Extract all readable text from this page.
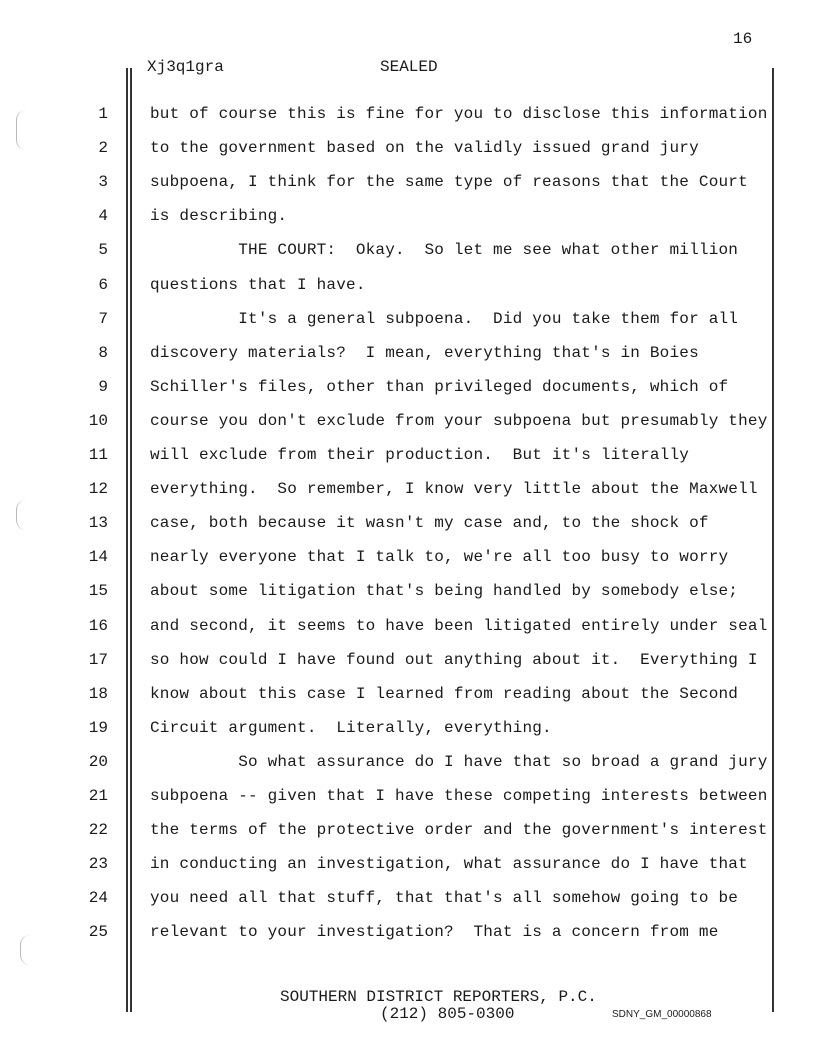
16
Xj3q1gra	SEALED
1	but of course this is fine for you to disclose this information
2	to the government based on the validly issued grand jury
3	subpoena, I think for the same type of reasons that the Court
4	is describing.
5	THE COURT:  Okay.  So let me see what other million
6	questions that I have.
7	It's a general subpoena.  Did you take them for all
8	discovery materials?  I mean, everything that's in Boies
9	Schiller's files, other than privileged documents, which of
10	course you don't exclude from your subpoena but presumably they
11	will exclude from their production.  But it's literally
12	everything.  So remember, I know very little about the Maxwell
13	case, both because it wasn't my case and, to the shock of
14	nearly everyone that I talk to, we're all too busy to worry
15	about some litigation that's being handled by somebody else;
16	and second, it seems to have been litigated entirely under seal
17	so how could I have found out anything about it.  Everything I
18	know about this case I learned from reading about the Second
19	Circuit argument.  Literally, everything.
20	So what assurance do I have that so broad a grand jury
21	subpoena -- given that I have these competing interests between
22	the terms of the protective order and the government's interest
23	in conducting an investigation, what assurance do I have that
24	you need all that stuff, that that's all somehow going to be
25	relevant to your investigation?  That is a concern from me
SOUTHERN DISTRICT REPORTERS, P.C.
(212) 805-0300	SDNY_GM_00000868
